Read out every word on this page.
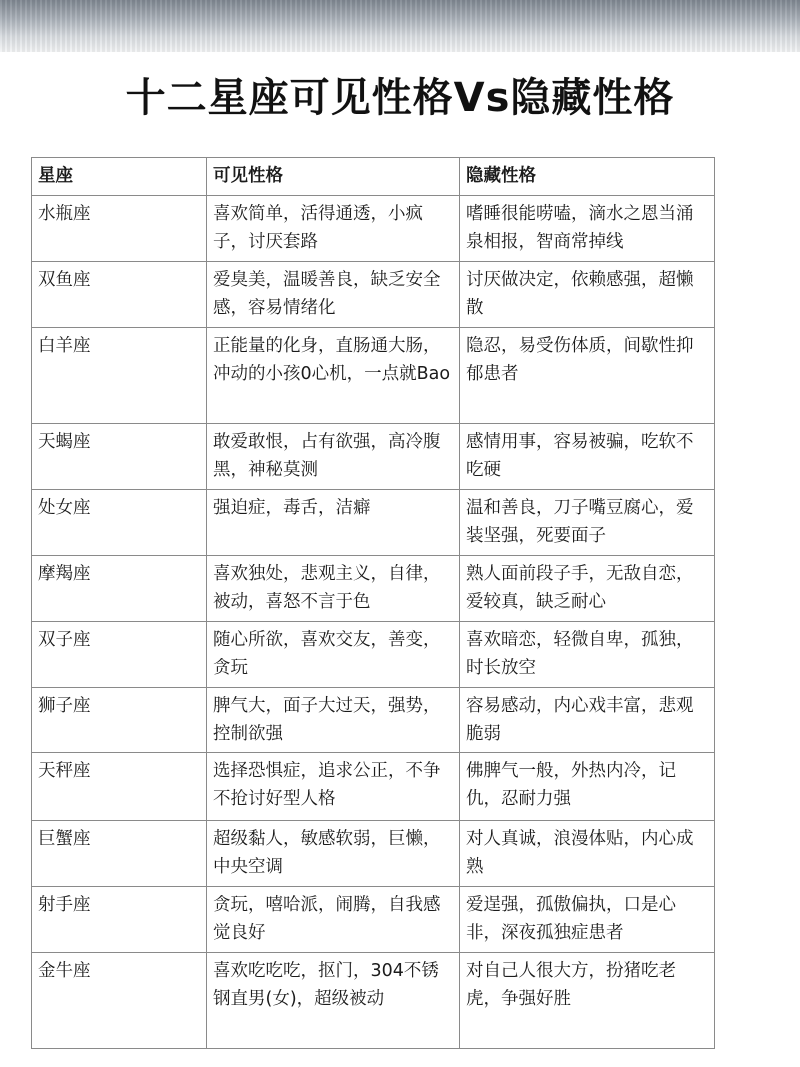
十二星座可见性格Vs隐藏性格
星座	可见性格	隐藏性格
水瓶座	喜欢简单，活得通透，小疯子，讨厌套路	嗜睡很能唠嗑，滴水之恩当涌泉相报，智商常掉线
双鱼座	爱臭美，温暖善良，缺乏安全感，容易情绪化	讨厌做决定，依赖感强，超懒散
白羊座	正能量的化身，直肠通大肠，冲动的小孩0心机，一点就Bao	隐忍，易受伤体质，间歇性抑郁患者
天蝎座	敢爱敢恨，占有欲强，高冷腹黑，神秘莫测	感情用事，容易被骗，吃软不吃硬
处女座	强迫症，毒舌，洁癖	温和善良，刀子嘴豆腐心，爱装坚强，死要面子
摩羯座	喜欢独处，悲观主义，自律，被动，喜怒不言于色	熟人面前段子手，无敌自恋，爱较真，缺乏耐心
双子座	随心所欲，喜欢交友，善变，贪玩	喜欢暗恋，轻微自卑，孤独，时长放空
狮子座	脾气大，面子大过天，强势，控制欲强	容易感动，内心戏丰富，悲观脆弱
天秤座	选择恐惧症，追求公正，不争不抢讨好型人格	佛脾气一般，外热内冷，记仇，忍耐力强
巨蟹座	超级黏人，敏感软弱，巨懒，中央空调	对人真诚，浪漫体贴，内心成熟
射手座	贪玩，嘻哈派，闹腾，自我感觉良好	爱逞强，孤傲偏执，口是心非，深夜孤独症患者
金牛座	喜欢吃吃吃，抠门，304不锈钢直男(女)，超级被动	对自己人很大方，扮猪吃老虎，争强好胜
